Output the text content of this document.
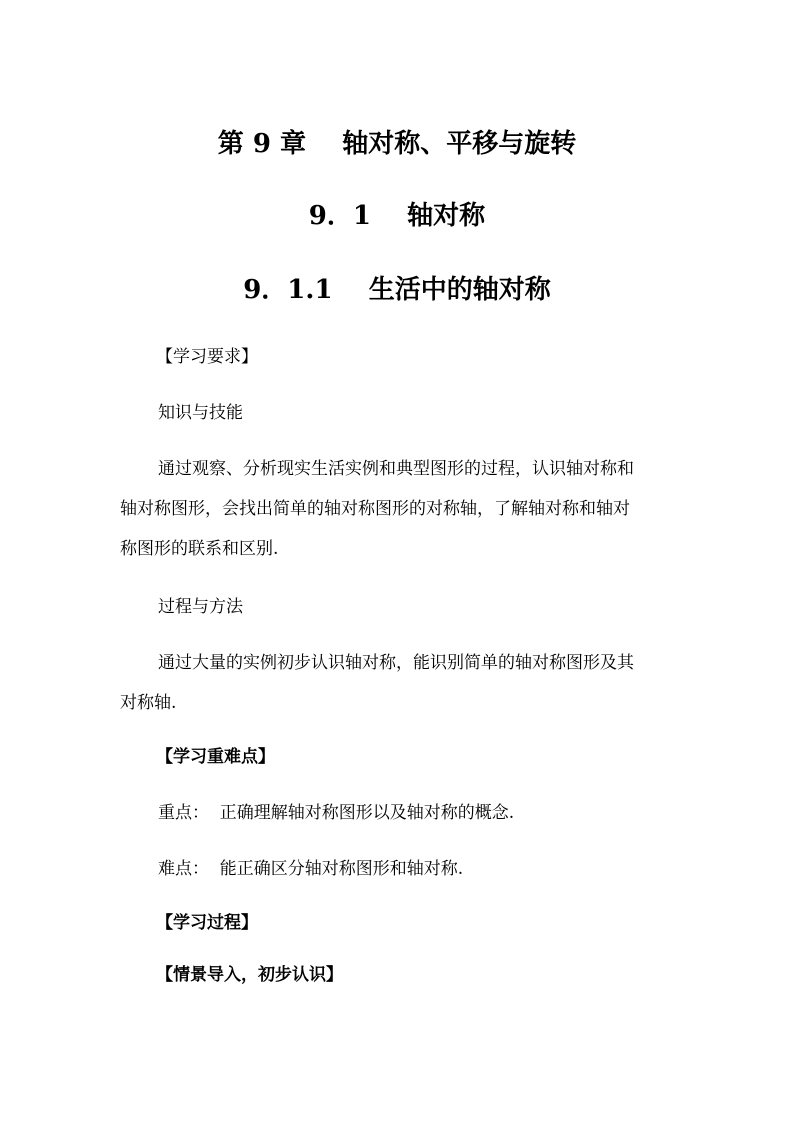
第 9 章    轴对称、平移与旋转
9．1    轴对称
9．1.1    生活中的轴对称
【学习要求】
知识与技能
通过观察、分析现实生活实例和典型图形的过程，认识轴对称和
轴对称图形，会找出简单的轴对称图形的对称轴，了解轴对称和轴对
称图形的联系和区别.
过程与方法
通过大量的实例初步认识轴对称，能识别简单的轴对称图形及其
对称轴.
【学习重难点】
重点：  正确理解轴对称图形以及轴对称的概念.
难点：  能正确区分轴对称图形和轴对称.
【学习过程】
【情景导入，初步认识】
